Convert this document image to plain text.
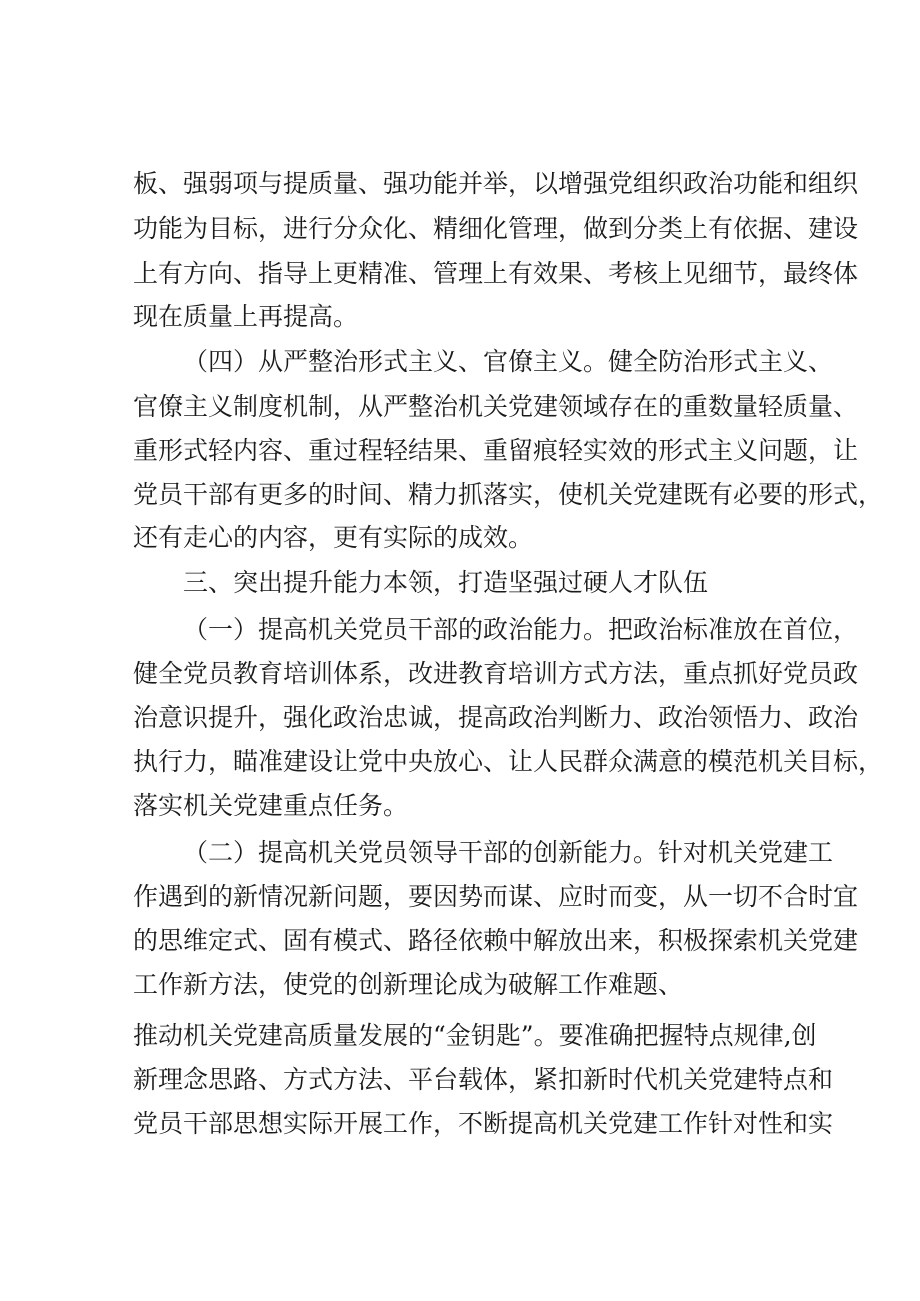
板、强弱项与提质量、强功能并举，以增强党组织政治功能和组织
功能为目标，进行分众化、精细化管理，做到分类上有依据、建设
上有方向、指导上更精准、管理上有效果、考核上见细节，最终体
现在质量上再提高。
（四）从严整治形式主义、官僚主义。健全防治形式主义、
官僚主义制度机制，从严整治机关党建领域存在的重数量轻质量、
重形式轻内容、重过程轻结果、重留痕轻实效的形式主义问题，让
党员干部有更多的时间、精力抓落实，使机关党建既有必要的形式，
还有走心的内容，更有实际的成效。
三、突出提升能力本领，打造坚强过硬人才队伍
（一）提高机关党员干部的政治能力。把政治标准放在首位，
健全党员教育培训体系，改进教育培训方式方法，重点抓好党员政
治意识提升，强化政治忠诚，提高政治判断力、政治领悟力、政治
执行力，瞄准建设让党中央放心、让人民群众满意的模范机关目标，
落实机关党建重点任务。
（二）提高机关党员领导干部的创新能力。针对机关党建工
作遇到的新情况新问题，要因势而谋、应时而变，从一切不合时宜
的思维定式、固有模式、路径依赖中解放出来，积极探索机关党建
工作新方法，使党的创新理论成为破解工作难题、
推动机关党建高质量发展的“金钥匙”。要准确把握特点规律,创
新理念思路、方式方法、平台载体，紧扣新时代机关党建特点和
党员干部思想实际开展工作，不断提高机关党建工作针对性和实
